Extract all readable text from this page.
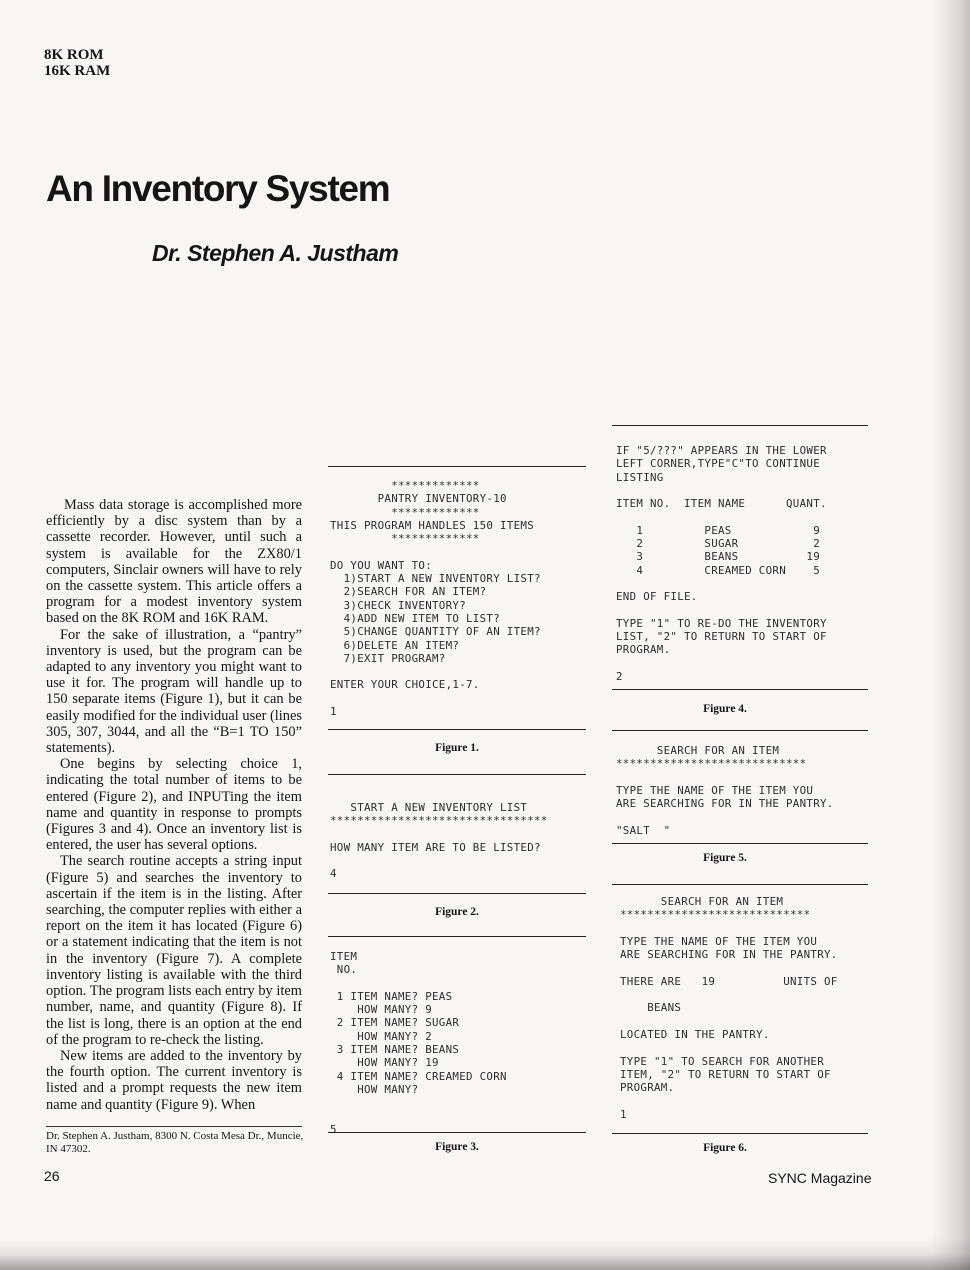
8K ROM
16K RAM
An Inventory System
Dr. Stephen A. Justham

Mass data storage is accomplished more efficiently by a disc system than by a cassette recorder. However, until such a system is available for the ZX80/1 computers, Sinclair owners will have to rely on the cassette system. This article offers a program for a modest inventory system based on the 8K ROM and 16K RAM.

For the sake of illustration, a “pantry” inventory is used, but the program can be adapted to any inventory you might want to use it for. The program will handle up to 150 separate items (Figure 1), but it can be easily modified for the individual user (lines 305, 307, 3044, and all the “B=1 TO 150” statements).

One begins by selecting choice 1, indicating the total number of items to be entered (Figure 2), and INPUTing the item name and quantity in response to prompts (Figures 3 and 4). Once an inventory list is entered, the user has several options.

The search routine accepts a string input (Figure 5) and searches the inventory to ascertain if the item is in the listing. After searching, the computer replies with either a report on the item it has located (Figure 6) or a statement indicating that the item is not in the inventory (Figure 7). A complete inventory listing is available with the third option. The program lists each entry by item number, name, and quantity (Figure 8). If the list is long, there is an option at the end of the program to re-check the listing.

New items are added to the inventory by the fourth option. The current inventory is listed and a prompt requests the new item name and quantity (Figure 9). When

Dr. Stephen A. Justham, 8300 N. Costa Mesa Dr., Muncie, IN 47302.
26	SYNC Magazine
*************
PANTRY INVENTORY-10
*************
THIS PROGRAM HANDLES 150 ITEMS
*************

DO YOU WANT TO:
1)START A NEW INVENTORY LIST?
2)SEARCH FOR AN ITEM?
3)CHECK INVENTORY?
4)ADD NEW ITEM TO LIST?
5)CHANGE QUANTITY OF AN ITEM?
6)DELETE AN ITEM?
7)EXIT PROGRAM?

ENTER YOUR CHOICE,1-7.

1
Figure 1.
START A NEW INVENTORY LIST
********************************

HOW MANY ITEM ARE TO BE LISTED?

4
Figure 2.
ITEM
NO.

1 ITEM NAME? PEAS
HOW MANY? 9
2 ITEM NAME? SUGAR
HOW MANY? 2
3 ITEM NAME? BEANS
HOW MANY? 19
4 ITEM NAME? CREAMED CORN
HOW MANY?

5
Figure 3.
IF "5/???" APPEARS IN THE LOWER
LEFT CORNER,TYPE"C"TO CONTINUE
LISTING

ITEM NO.  ITEM NAME      QUANT.

1         PEAS            9
2         SUGAR           2
3         BEANS          19
4         CREAMED CORN    5

END OF FILE.

TYPE "1" TO RE-DO THE INVENTORY
LIST, "2" TO RETURN TO START OF
PROGRAM.

2
Figure 4.
SEARCH FOR AN ITEM
****************************

TYPE THE NAME OF THE ITEM YOU
ARE SEARCHING FOR IN THE PANTRY.

"SALT  "
Figure 5.
SEARCH FOR AN ITEM
****************************

TYPE THE NAME OF THE ITEM YOU
ARE SEARCHING FOR IN THE PANTRY.

THERE ARE   19          UNITS OF

BEANS

LOCATED IN THE PANTRY.

TYPE "1" TO SEARCH FOR ANOTHER
ITEM, "2" TO RETURN TO START OF
PROGRAM.

1
Figure 6.
